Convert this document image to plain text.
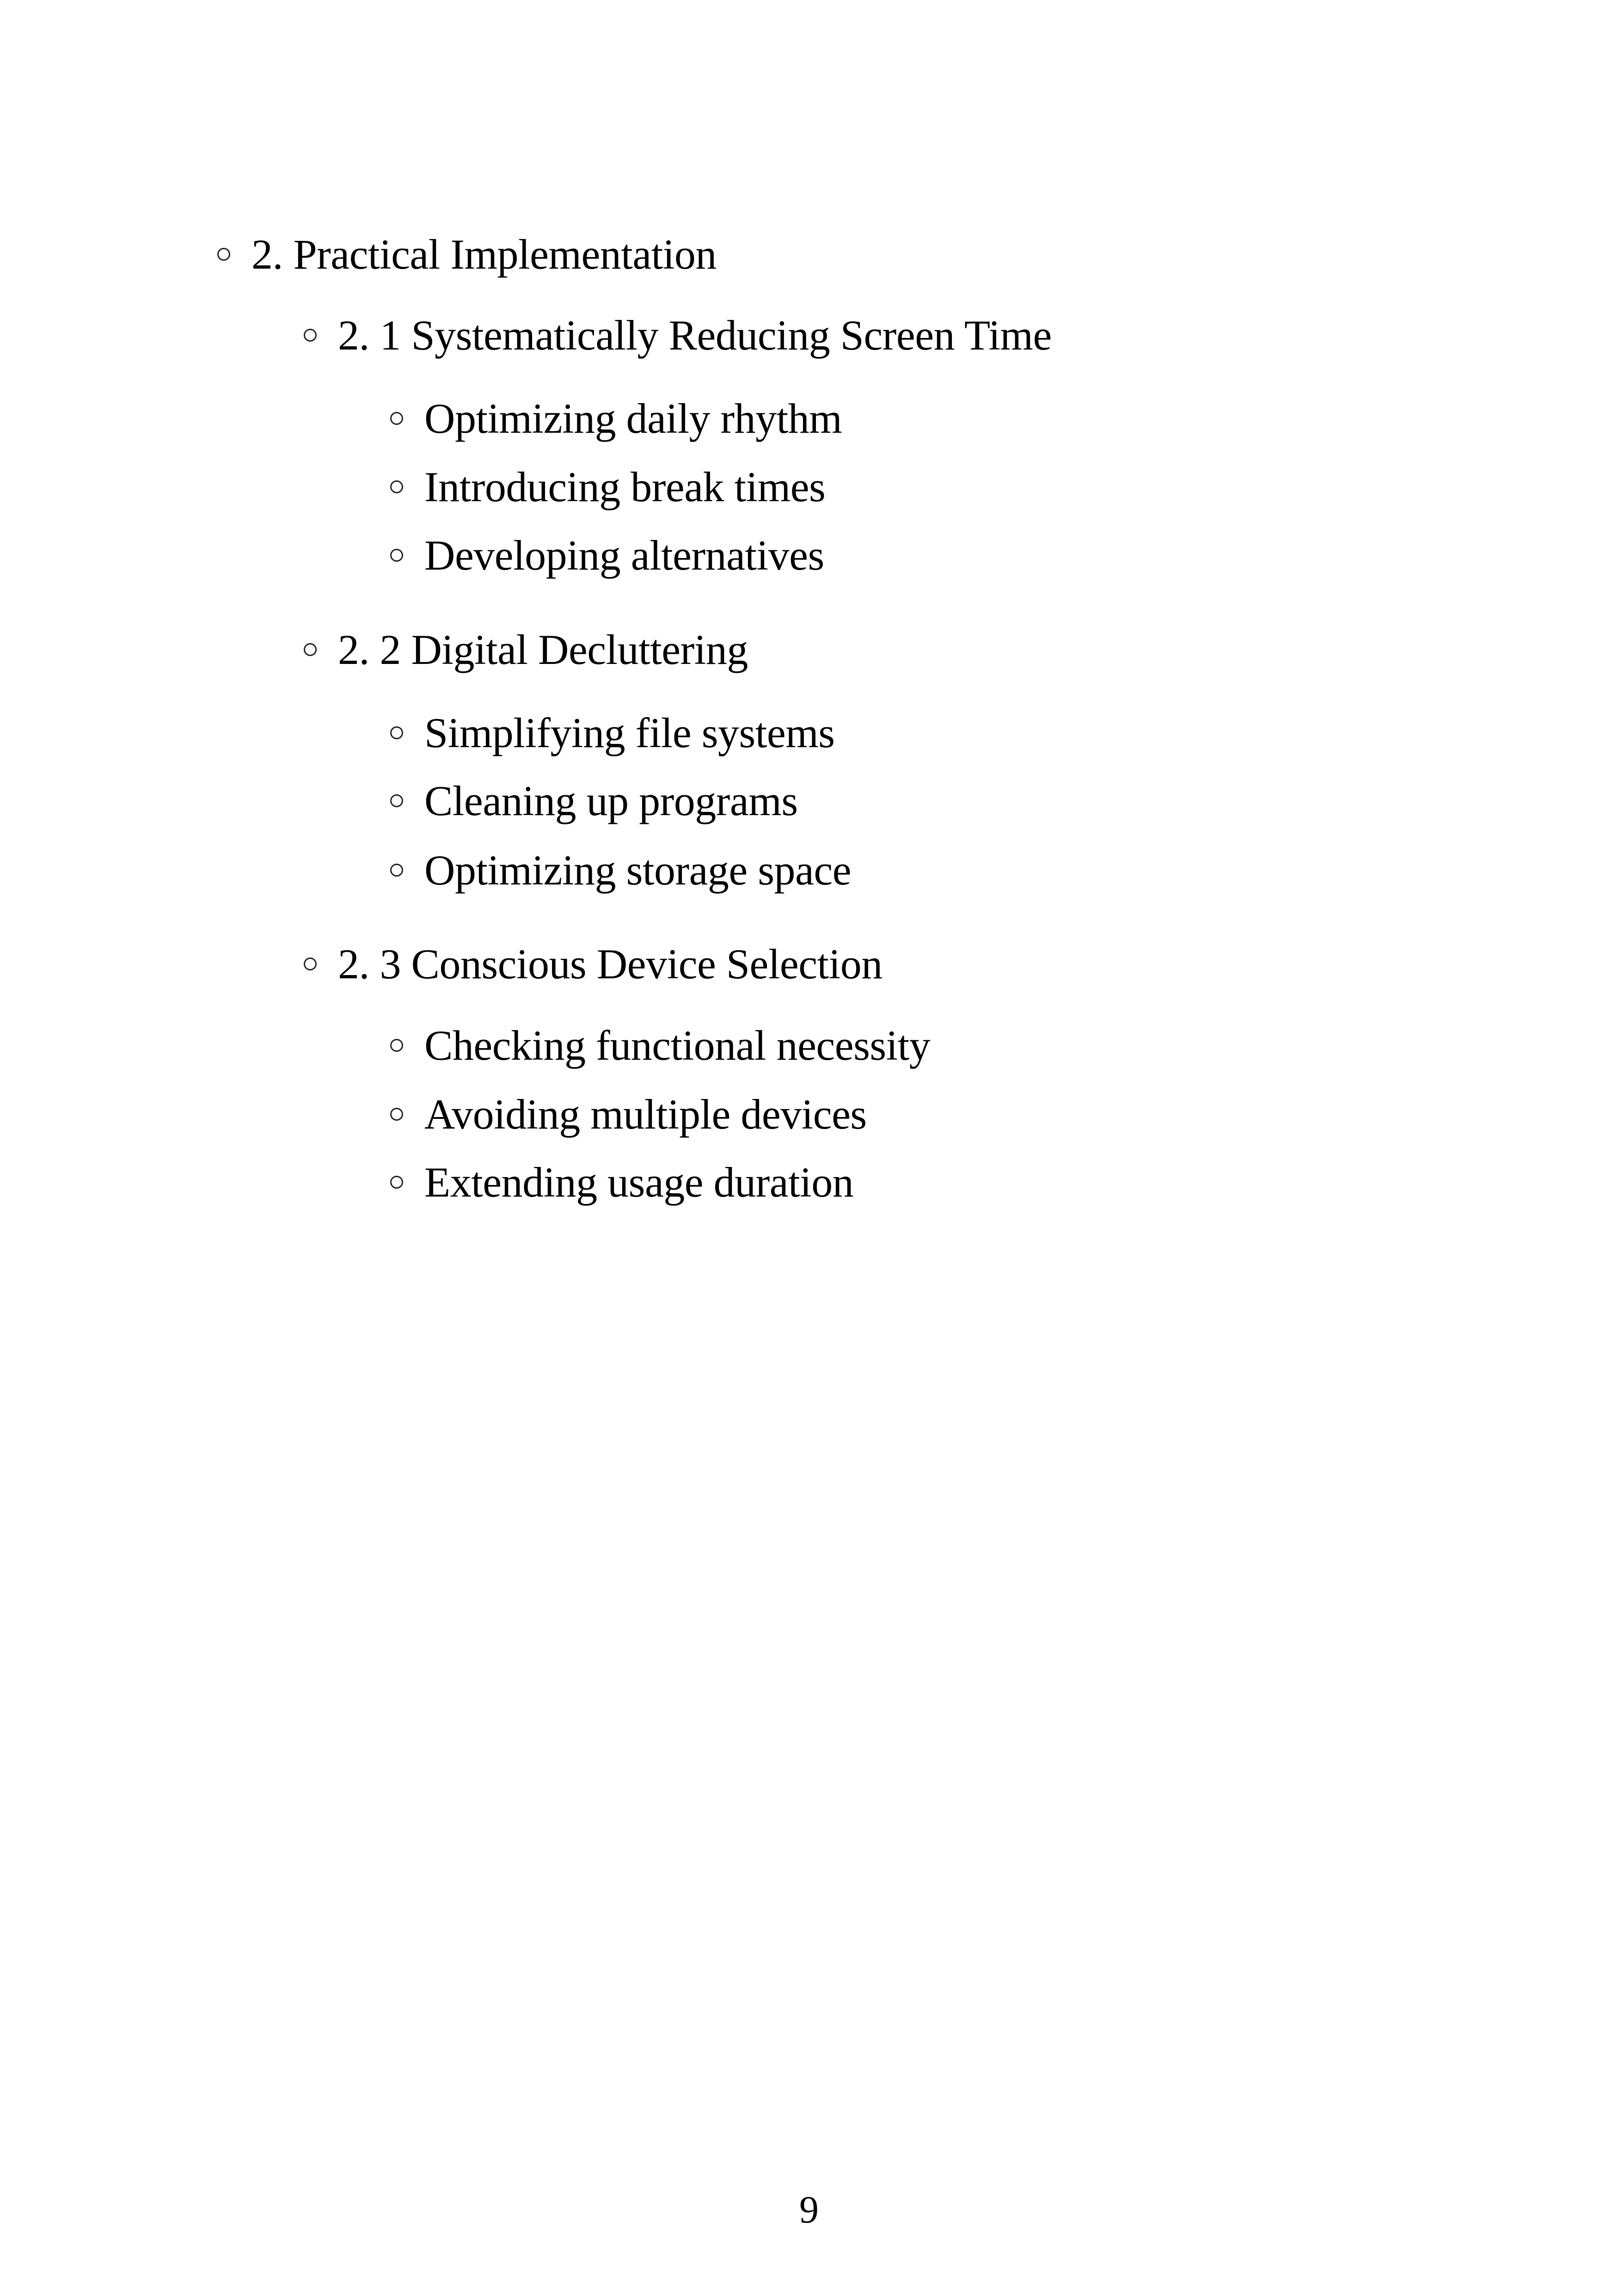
2. Practical Implementation
2. 1 Systematically Reducing Screen Time
Optimizing daily rhythm
Introducing break times
Developing alternatives
2. 2 Digital Decluttering
Simplifying file systems
Cleaning up programs
Optimizing storage space
2. 3 Conscious Device Selection
Checking functional necessity
Avoiding multiple devices
Extending usage duration
9
